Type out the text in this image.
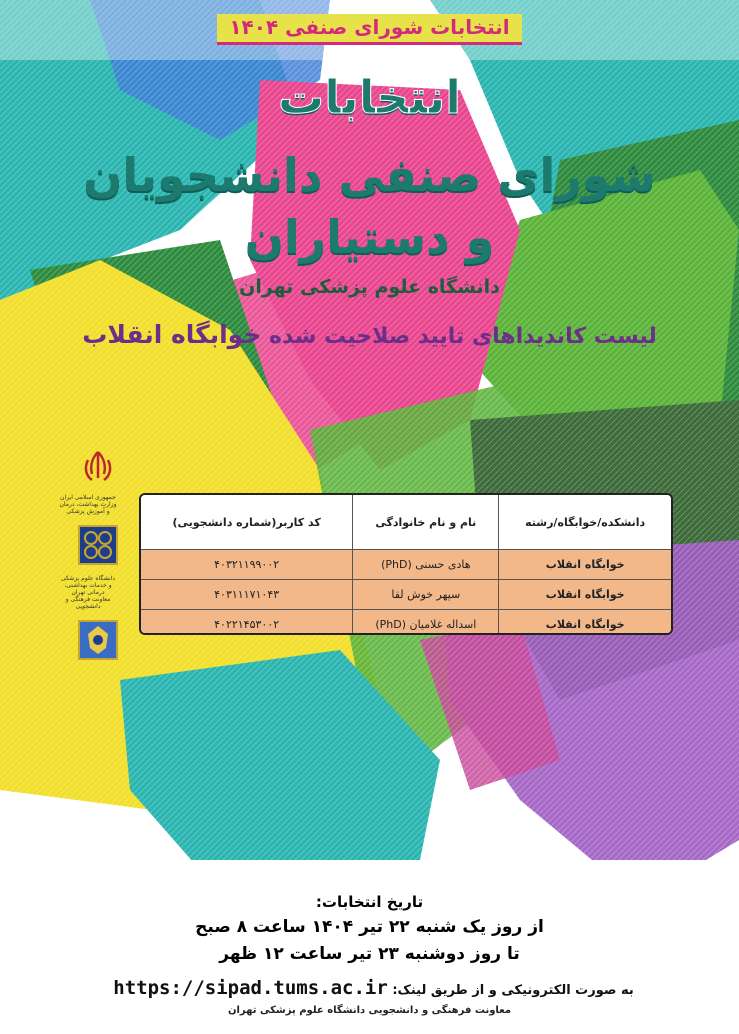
انتخابات شورای صنفی ۱۴۰۴
انتخابات
شورای صنفی دانشجویان
و دستیاران
دانشگاه علوم پزشکی تهران
لیست کاندیداهای تایید صلاحیت شده خوابگاه انقلاب
جمهوری اسلامی ایران
وزارت بهداشت، درمان و آموزش پزشکی
دانشگاه علوم پزشکی
و خدمات بهداشتی، درمانی تهران
معاونت فرهنگی و دانشجویی
دانشکده/خوابگاه/رشته	نام و نام خانوادگی	کد کاربر(شماره دانشجویی)
خوابگاه انقلاب	هادی حسنی (PhD)	۴۰۳۲۱۱۹۹۰۰۲
خوابگاه انقلاب	سپهر خوش لقا	۴۰۳۱۱۱۷۱۰۴۳
خوابگاه انقلاب	اسداله غلامیان (PhD)	۴۰۲۲۱۴۵۳۰۰۲
تاریخ انتخابات:
از روز یک شنبه ۲۲ تیر ۱۴۰۴ ساعت ۸ صبح
تا روز دوشنبه ۲۳ تیر ساعت ۱۲ ظهر
به صورت الکترونیکی و از طریق لینک: https://sipad.tums.ac.ir
معاونت فرهنگی و دانشجویی دانشگاه علوم پزشکی تهران
